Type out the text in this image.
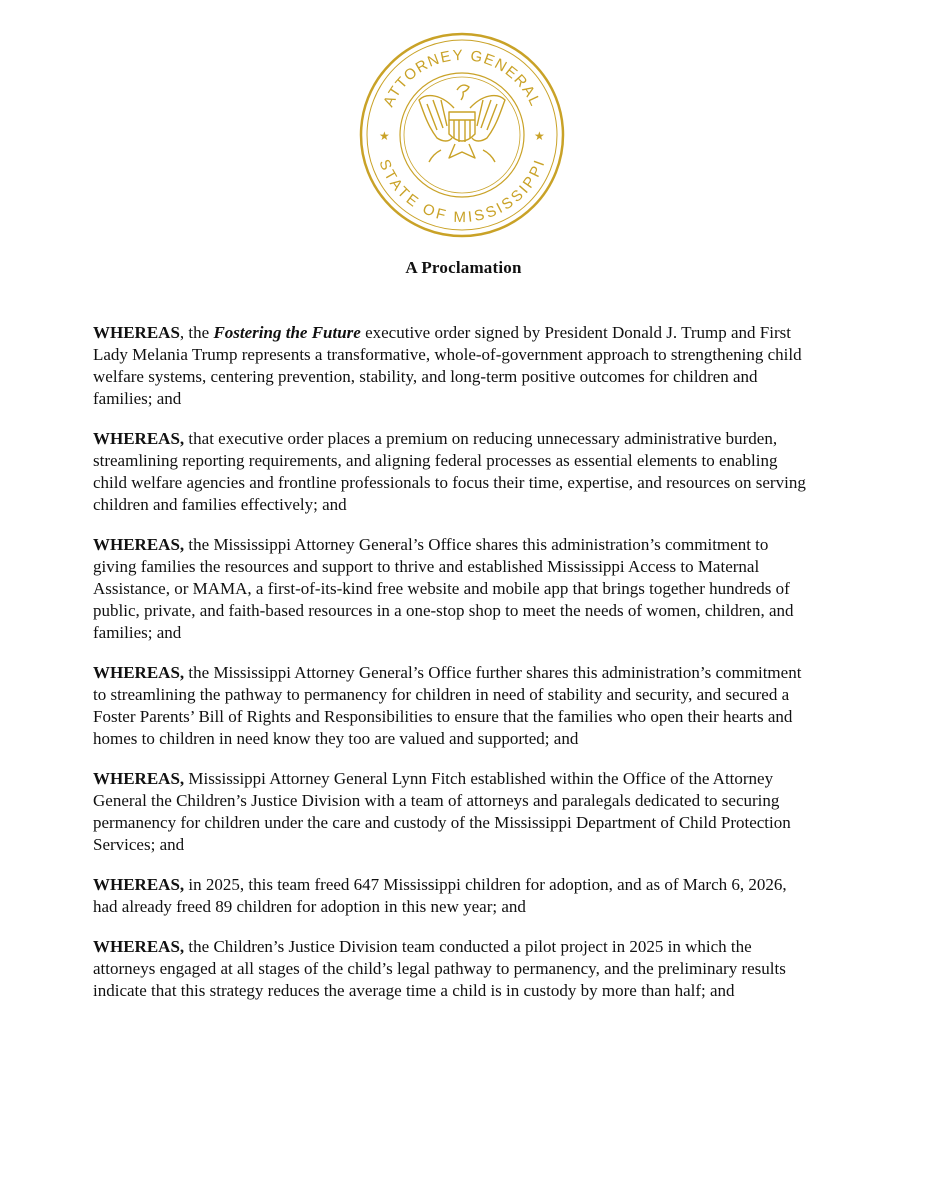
ATTORNEY GENERAL
STATE OF MISSISSIPPI
★	★
A Proclamation

WHEREAS, the Fostering the Future executive order signed by President Donald J. Trump and First Lady Melania Trump represents a transformative, whole-of-government approach to strengthening child welfare systems, centering prevention, stability, and long-term positive outcomes for children and families; and

WHEREAS, that executive order places a premium on reducing unnecessary administrative burden, streamlining reporting requirements, and aligning federal processes as essential elements to enabling child welfare agencies and frontline professionals to focus their time, expertise, and resources on serving children and families effectively; and

WHEREAS, the Mississippi Attorney General’s Office shares this administration’s commitment to giving families the resources and support to thrive and established Mississippi Access to Maternal Assistance, or MAMA, a first-of-its-kind free website and mobile app that brings together hundreds of public, private, and faith-based resources in a one-stop shop to meet the needs of women, children, and families; and

WHEREAS, the Mississippi Attorney General’s Office further shares this administration’s commitment to streamlining the pathway to permanency for children in need of stability and security, and secured a Foster Parents’ Bill of Rights and Responsibilities to ensure that the families who open their hearts and homes to children in need know they too are valued and supported; and

WHEREAS, Mississippi Attorney General Lynn Fitch established within the Office of the Attorney General the Children’s Justice Division with a team of attorneys and paralegals dedicated to securing permanency for children under the care and custody of the Mississippi Department of Child Protection Services; and

WHEREAS, in 2025, this team freed 647 Mississippi children for adoption, and as of March 6, 2026, had already freed 89 children for adoption in this new year; and

WHEREAS, the Children’s Justice Division team conducted a pilot project in 2025 in which the attorneys engaged at all stages of the child’s legal pathway to permanency, and the preliminary results indicate that this strategy reduces the average time a child is in custody by more than half; and
